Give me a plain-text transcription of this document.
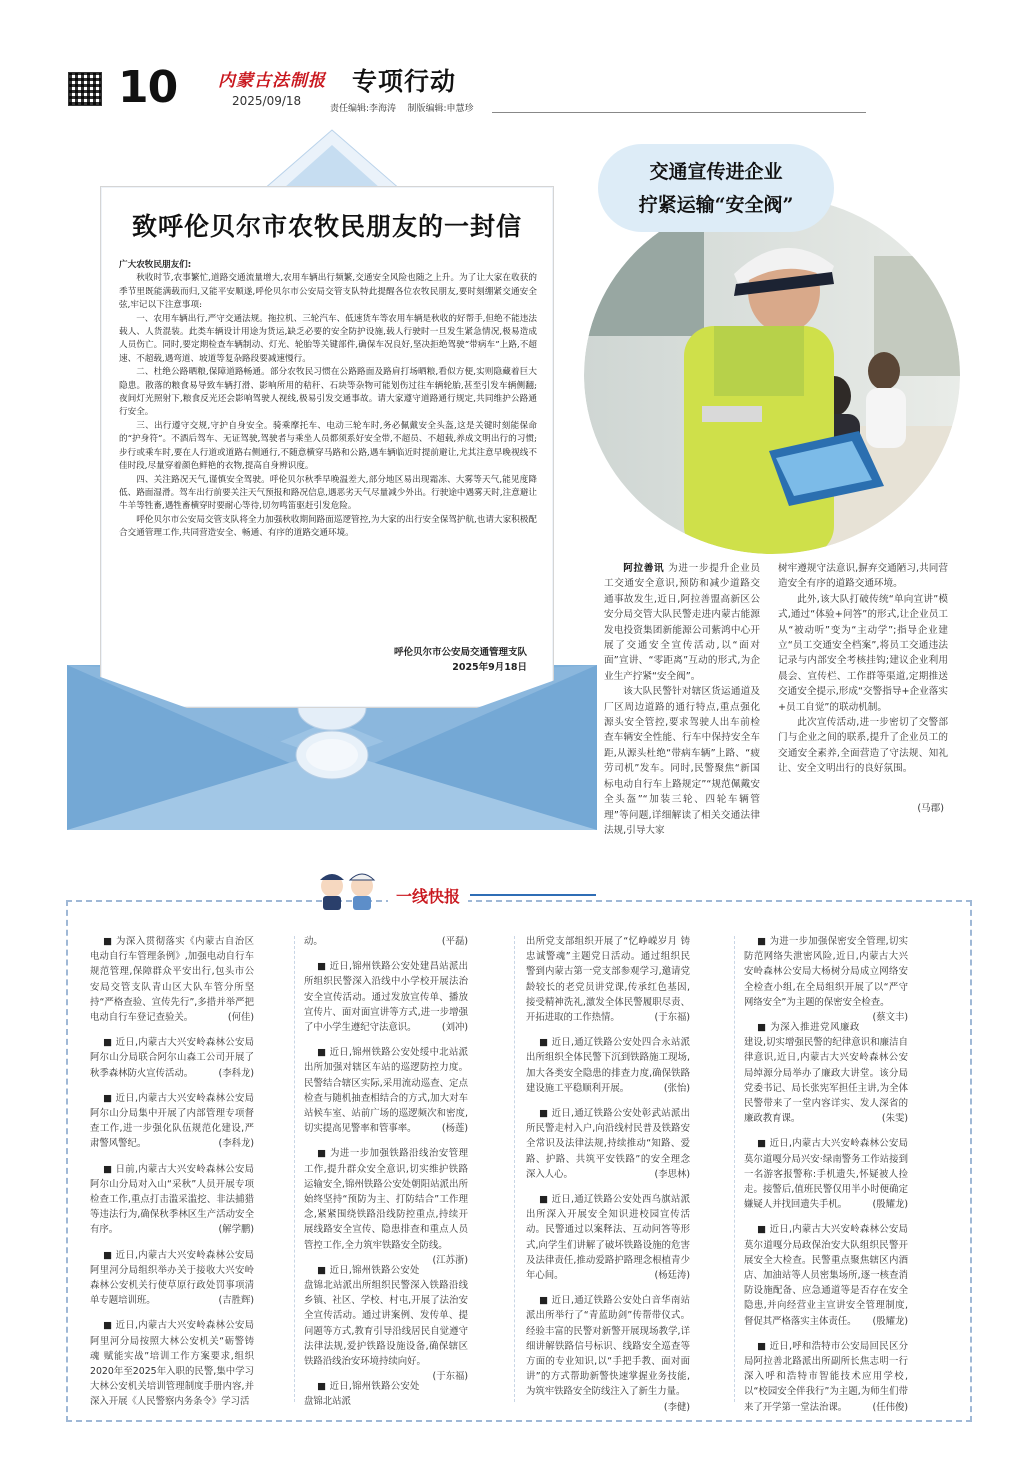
10 内蒙古法制报
2025/09/18
专项行动
责任编辑:李海涛 制版编辑:申慧珍
致呼伦贝尔市农牧民朋友的一封信

广大农牧民朋友们:

秋收时节,农事繁忙,道路交通流量增大,农用车辆出行频繁,交通安全风险也随之上升。为了让大家在收获的季节里既能满载而归,又能平安顺遂,呼伦贝尔市公安局交管支队特此提醒各位农牧民朋友,要时刻绷紧交通安全弦,牢记以下注意事项:

一、农用车辆出行,严守交通法规。拖拉机、三轮汽车、低速货车等农用车辆是秋收的好帮手,但绝不能违法载人、人货混装。此类车辆设计用途为货运,缺乏必要的安全防护设施,载人行驶时一旦发生紧急情况,极易造成人员伤亡。同时,要定期检查车辆制动、灯光、轮胎等关键部件,确保车况良好,坚决拒绝驾驶“带病车”上路,不超速、不超载,遇弯道、坡道等复杂路段要减速慢行。

二、杜绝公路晒粮,保障道路畅通。部分农牧民习惯在公路路面及路肩打场晒粮,看似方便,实则隐藏着巨大隐患。散落的粮食易导致车辆打滑、影响所用的秸秆、石块等杂物可能划伤过往车辆轮胎,甚至引发车辆侧翻;夜间灯光照射下,粮食反光还会影响驾驶人视线,极易引发交通事故。请大家遵守道路通行规定,共同维护公路通行安全。

三、出行遵守交规,守护自身安全。骑乘摩托车、电动三轮车时,务必佩戴安全头盔,这是关键时刻能保命的“护身符”。不酒后驾车、无证驾驶,驾驶者与乘坐人员都须系好安全带,不超员、不超载,养成文明出行的习惯;步行或乘车时,要在人行道或道路右侧通行,不随意横穿马路和公路,遇车辆临近时提前避让,尤其注意早晚视线不佳时段,尽量穿着颜色鲜艳的衣物,提高自身辨识度。

四、关注路况天气,谨慎安全驾驶。呼伦贝尔秋季早晚温差大,部分地区易出现霜冻、大雾等天气,能见度降低、路面湿滑。驾车出行前要关注天气预报和路况信息,遇恶劣天气尽量减少外出。行驶途中遇雾天时,注意避让牛羊等牲畜,遇牲畜横穿时要耐心等待,切勿鸣笛驱赶引发危险。

呼伦贝尔市公安局交管支队将全力加强秋收期间路面巡逻管控,为大家的出行安全保驾护航,也请大家积极配合交通管理工作,共同营造安全、畅通、有序的道路交通环境。

呼伦贝尔市公安局交通管理支队
2025年9月18日
交通宣传进企业
拧紧运输“安全阀”

阿拉善讯 为进一步提升企业员工交通安全意识,预防和减少道路交通事故发生,近日,阿拉善盟高新区公安分局交管大队民警走进内蒙古能源发电投资集团新能源公司紫鸿中心开展了交通安全宣传活动,以“面对面”宣讲、“零距离”互动的形式,为企业生产拧紧“安全阀”。

该大队民警针对辖区货运通道及厂区周边道路的通行特点,重点强化源头安全管控,要求驾驶人出车前检查车辆安全性能、行车中保持安全车距,从源头杜绝“带病车辆”上路、“疲劳司机”发车。同时,民警聚焦“新国标电动自行车上路规定”“规范佩戴安全头盔”“加装三轮、四轮车辆管理”等问题,详细解读了相关交通法律法规,引导大家

树牢遵规守法意识,摒弃交通陋习,共同营造安全有序的道路交通环境。

此外,该大队打破传统“单向宣讲”模式,通过“体验+问答”的形式,让企业员工从“被动听”变为“主动学”;指导企业建立“员工交通安全档案”,将员工交通违法记录与内部安全考核挂钩;建议企业利用晨会、宣传栏、工作群等渠道,定期推送交通安全提示,形成“交警指导+企业落实+员工自觉”的联动机制。

此次宣传活动,进一步密切了交警部门与企业之间的联系,提升了企业员工的交通安全素养,全面营造了守法规、知礼让、安全文明出行的良好氛围。

(马郡)
一线快报

■ 为深入贯彻落实《内蒙古自治区电动自行车管理条例》,加强电动自行车规范管理,保障群众平安出行,包头市公安局交管支队青山区大队车管分所坚持“严格查验、宣传先行”,多措并举严把电动自行车登记查验关。	(何佳)

■ 近日,内蒙古大兴安岭森林公安局阿尔山分局联合阿尔山森工公司开展了秋季森林防火宣传活动。	(李科龙)

■ 近日,内蒙古大兴安岭森林公安局阿尔山分局集中开展了内部管理专项督查工作,进一步强化队伍规范化建设,严肃警风警纪。	(李科龙)

■ 日前,内蒙古大兴安岭森林公安局阿尔山分局对入山“采秋”人员开展专项检查工作,重点打击滥采滥挖、非法捕猎等违法行为,确保秋季林区生产活动安全有序。	(解学鹏)

■ 近日,内蒙古大兴安岭森林公安局阿里河分局组织举办关于接收大兴安岭森林公安机关行使草原行政处罚事项清单专题培训班。	(吉胜辉)

■ 近日,内蒙古大兴安岭森林公安局阿里河分局按照大林公安机关“砺警铸魂 赋能实战”培训工作方案要求,组织2020年至2025年入职的民警,集中学习大林公安机关培训管理制度手册内容,并深入开展《人民警察内务条令》学习活

动。	(平磊)

■ 近日,锦州铁路公安处建昌站派出所组织民警深入沿线中小学校开展法治安全宣传活动。通过发放宣传单、播放宣传片、面对面宣讲等方式,进一步增强了中小学生遵纪守法意识。	(刘冲)

■ 近日,锦州铁路公安处绥中北站派出所加强对辖区车站的巡逻防控力度。民警结合辖区实际,采用流动巡查、定点检查与随机抽查相结合的方式,加大对车站候车室、站前广场的巡逻频次和密度,切实提高见警率和管事率。	(杨莲)

■ 为进一步加强铁路沿线治安管理工作,提升群众安全意识,切实维护铁路运输安全,锦州铁路公安处朝阳站派出所始终坚持“预防为主、打防结合”工作理念,紧紧围绕铁路沿线防控重点,持续开展线路安全宣传、隐患排查和重点人员管控工作,全力筑牢铁路安全防线。
(江苏浙)

■ 近日,锦州铁路公安处盘锦北站派出所组织民警深入铁路沿线乡镇、社区、学校、村屯,开展了法治安全宣传活动。通过讲案例、发传单、提问题等方式,教育引导沿线居民自觉遵守法律法规,爱护铁路设施设备,确保辖区铁路沿线治安环境持续向好。
(于东福)

■ 近日,锦州铁路公安处盘锦北站派

出所党支部组织开展了“忆峥嵘岁月 铸忠诚警魂”主题党日活动。通过组织民警到内蒙古第一党支部参观学习,邀请党龄较长的老党员讲党课,传承红色基因,接受精神洗礼,激发全体民警履职尽责、开拓进取的工作热情。	(于东福)

■ 近日,通辽铁路公安处四合永站派出所组织全体民警下沉到铁路施工现场,加大各类安全隐患的排查力度,确保铁路建设施工平稳顺利开展。	(张怡)

■ 近日,通辽铁路公安处彰武站派出所民警走村入户,向沿线村民普及铁路安全常识及法律法规,持续推动“知路、爱路、护路、共筑平安铁路”的安全理念深入人心。	(李思林)

■ 近日,通辽铁路公安处西乌旗站派出所深入开展安全知识进校园宣传活动。民警通过以案释法、互动问答等形式,向学生们讲解了破坏铁路设施的危害及法律责任,推动爱路护路理念根植青少年心间。	(杨廷涛)

■ 近日,通辽铁路公安处白音华南站派出所举行了“青蓝助剑”传帮带仪式。经验丰富的民警对新警开展现场教学,详细讲解铁路信号标识、线路安全巡查等方面的专业知识,以“手把手教、面对面讲”的方式帮助新警快速掌握业务技能,为筑牢铁路安全防线注入了新生力量。
(李健)

■ 为进一步加强保密安全管理,切实防范网络失泄密风险,近日,内蒙古大兴安岭森林公安局大杨树分局成立网络安全检查小组,在全局组织开展了以“严守网络安全”为主题的保密安全检查。
(蔡文丰)

■ 为深入推进党风廉政建设,切实增强民警的纪律意识和廉洁自律意识,近日,内蒙古大兴安岭森林公安局绰源分局举办了廉政大讲堂。该分局党委书记、局长张宪军担任主讲,为全体民警带来了一堂内容详实、发人深省的廉政教育课。	(朱雯)

■ 近日,内蒙古大兴安岭森林公安局莫尔道嘎分局兴安·绿南警务工作站接到一名游客报警称:手机遗失,怀疑被人捡走。接警后,值班民警仅用半小时便确定嫌疑人并找回遗失手机。	(殷耀龙)

■ 近日,内蒙古大兴安岭森林公安局莫尔道嘎分局政保治安大队组织民警开展安全大检查。民警重点聚焦辖区内酒店、加油站等人员密集场所,逐一核查消防设施配备、应急通道等是否存在安全隐患,并向经营业主宣讲安全管理制度,督促其严格落实主体责任。	(殷耀龙)

■ 近日,呼和浩特市公安局回民区分局阿拉善北路派出所副所长焦志明一行深入呼和浩特市智能技术应用学校,以“校园安全伴我行”为主题,为师生们带来了开学第一堂法治课。	(任伟俊)
